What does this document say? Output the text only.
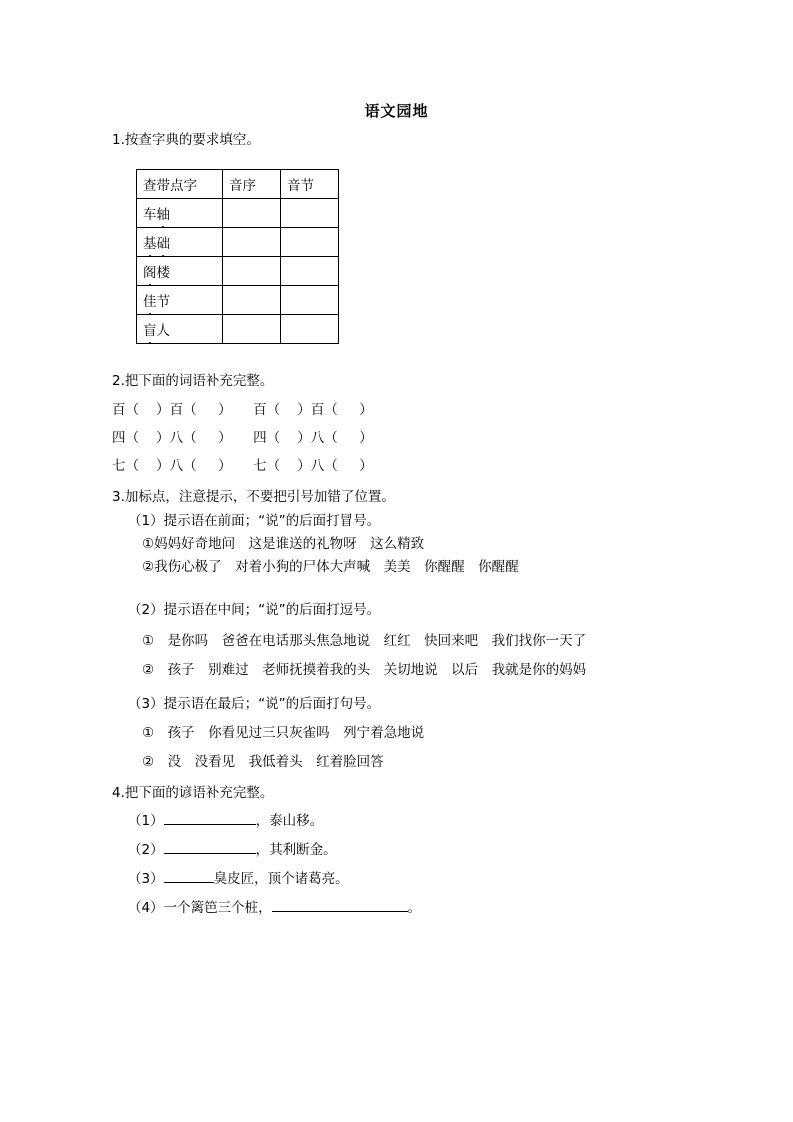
语文园地
1.按查字典的要求填空。
查带点字	音序	音节
车轴		
基础		
阁楼		
佳节		
盲人		
2.把下面的词语补充完整。
百（    ）百（     ）     百（    ）百（     ）
四（    ）八（     ）     四（    ）八（     ）
七（    ）八（     ）     七（    ）八（     ）
3.加标点，注意提示，不要把引号加错了位置。
（1）提示语在前面；“说”的后面打冒号。
①妈妈好奇地问　这是谁送的礼物呀　这么精致
②我伤心极了　对着小狗的尸体大声喊　美美　你醒醒　你醒醒
（2）提示语在中间；“说”的后面打逗号。
①　是你吗　爸爸在电话那头焦急地说　红红　快回来吧　我们找你一天了
②　孩子　别难过　老师抚摸着我的头　关切地说　以后　我就是你的妈妈
（3）提示语在最后；“说”的后面打句号。
①　孩子　你看见过三只灰雀吗　列宁着急地说
②　没　没看见　我低着头　红着脸回答
4.把下面的谚语补充完整。
（1）	，泰山移。
（2）	，其利断金。
（3）	臭皮匠，顶个诸葛亮。
（4）一个篱笆三个桩，	。
